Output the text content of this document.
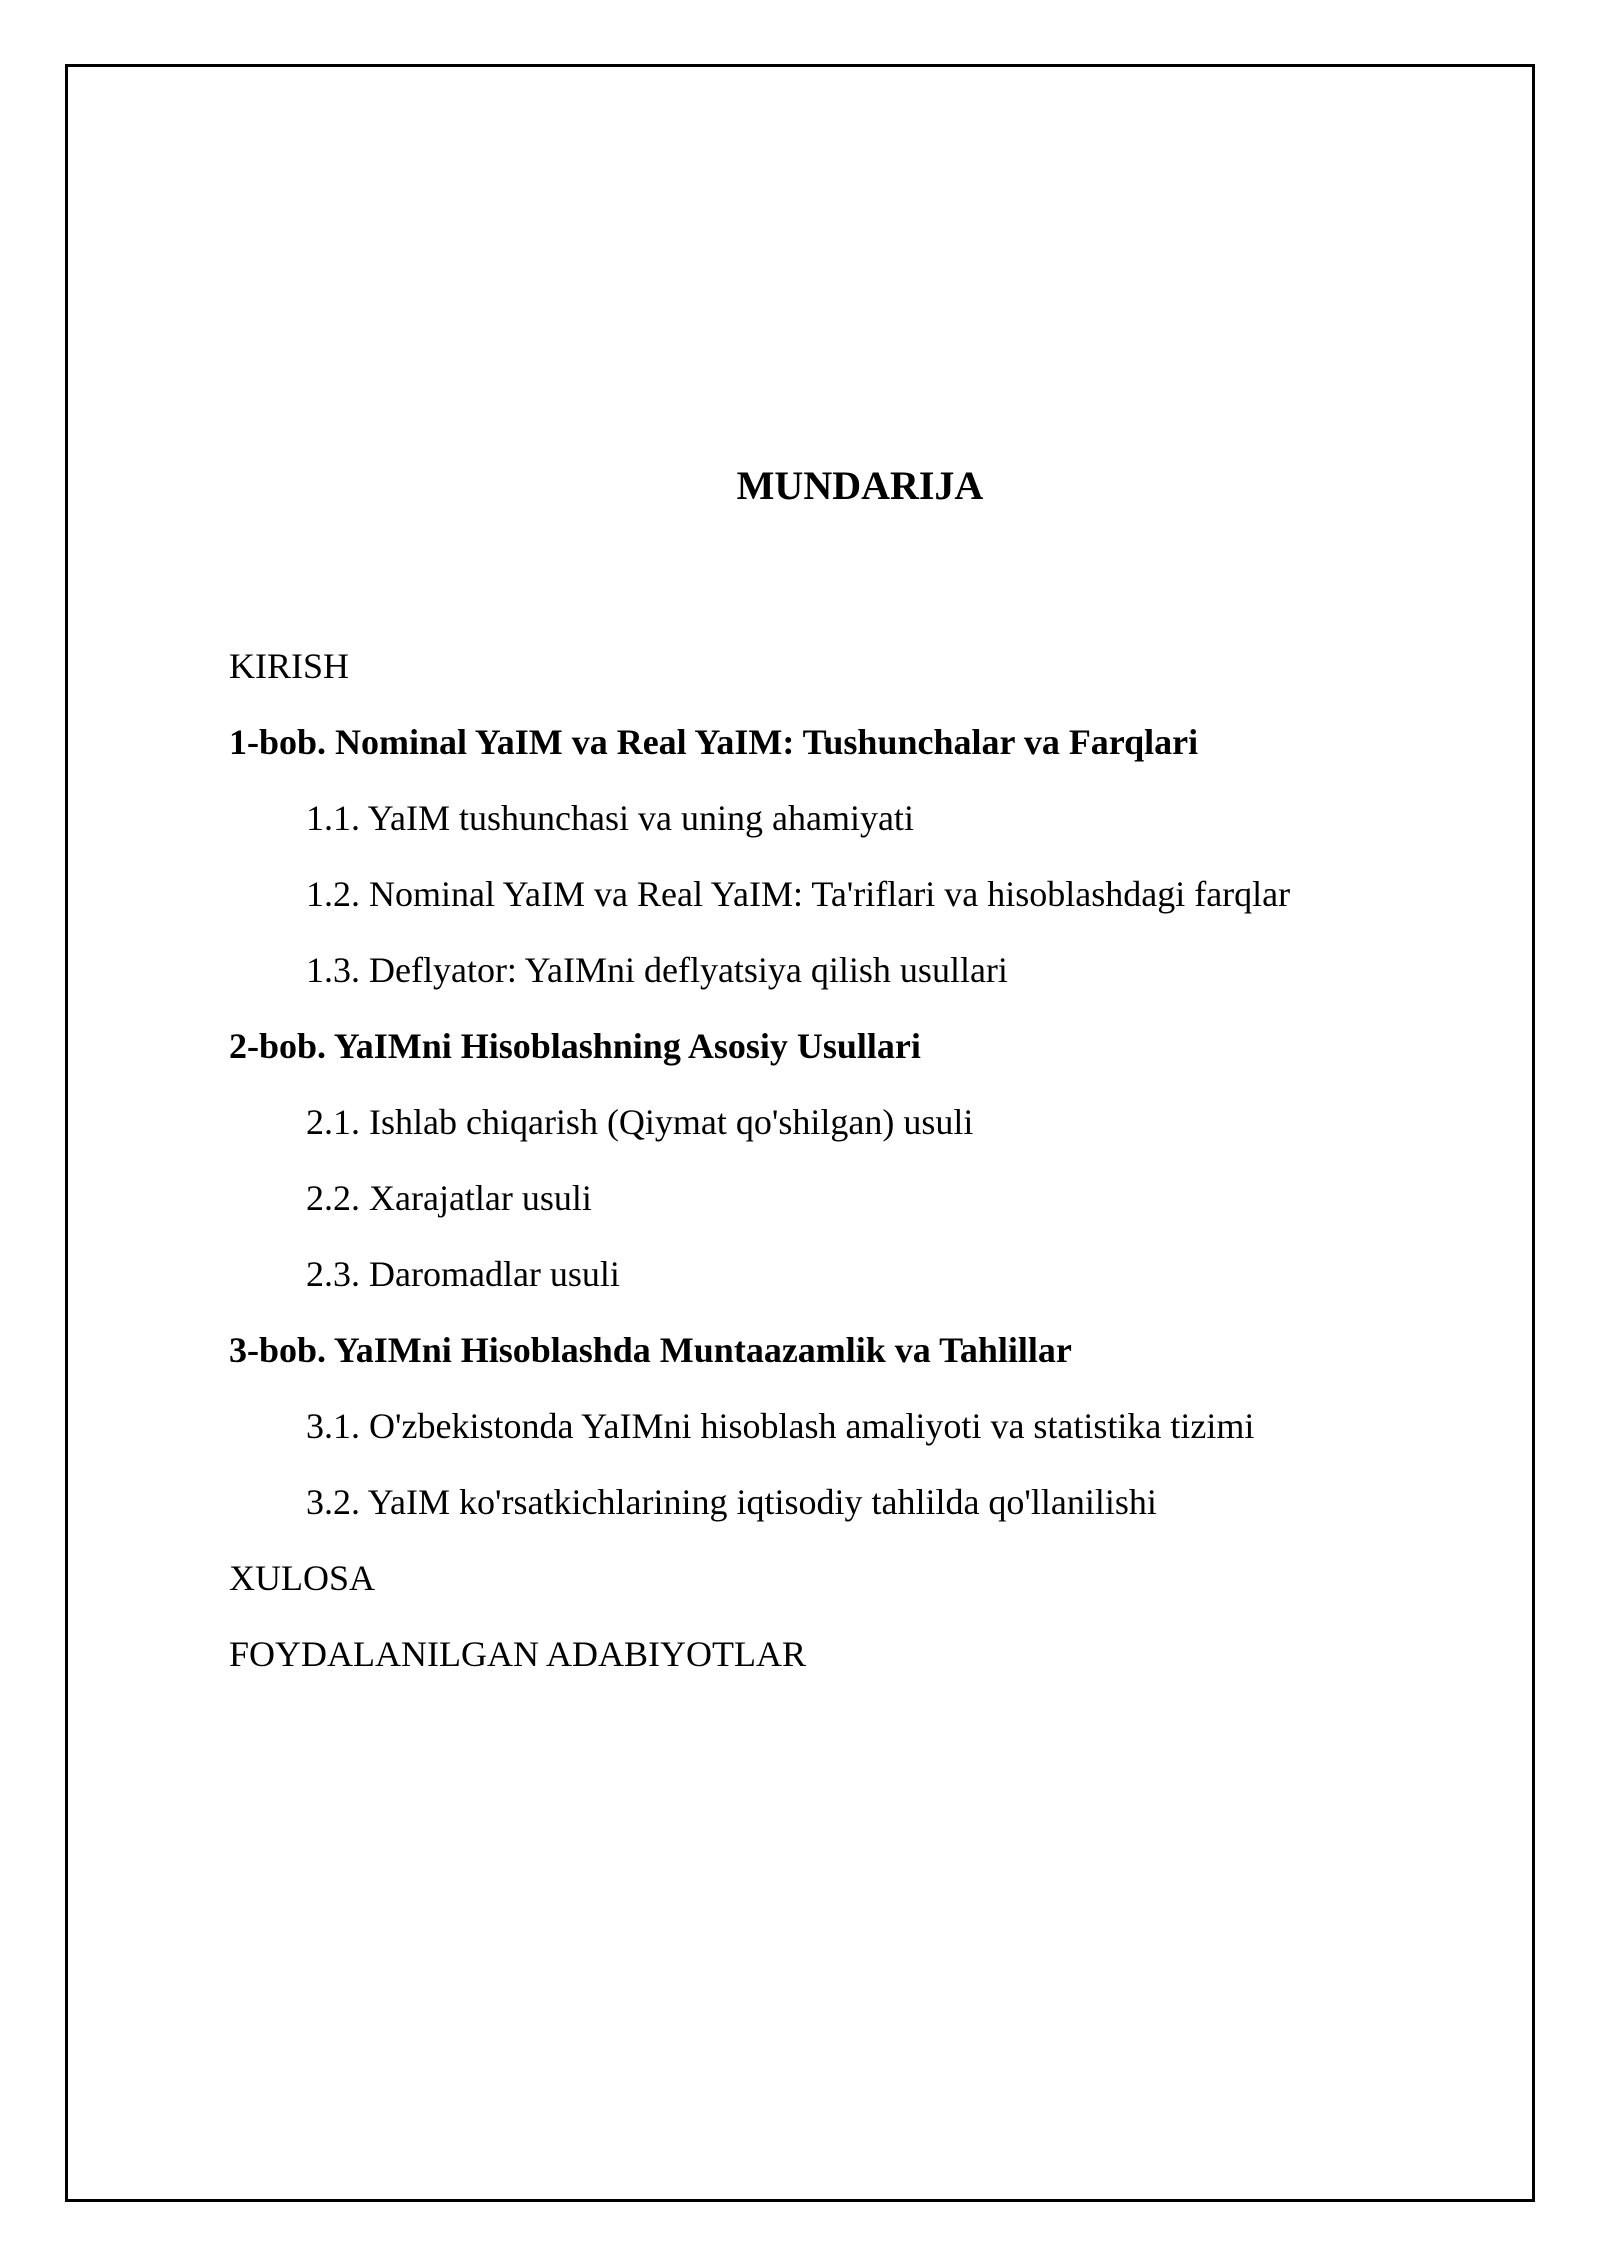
MUNDARIJA
KIRISH
1-bob. Nominal YaIM va Real YaIM: Tushunchalar va Farqlari
1.1. YaIM tushunchasi va uning ahamiyati
1.2. Nominal YaIM va Real YaIM: Ta'riflari va hisoblashdagi farqlar
1.3. Deflyator: YaIMni deflyatsiya qilish usullari
2-bob. YaIMni Hisoblashning Asosiy Usullari
2.1. Ishlab chiqarish (Qiymat qo'shilgan) usuli
2.2. Xarajatlar usuli
2.3. Daromadlar usuli
3-bob. YaIMni Hisoblashda Muntaazamlik va Tahlillar
3.1. O'zbekistonda YaIMni hisoblash amaliyoti va statistika tizimi
3.2. YaIM ko'rsatkichlarining iqtisodiy tahlilda qo'llanilishi
XULOSA
FOYDALANILGAN ADABIYOTLAR
